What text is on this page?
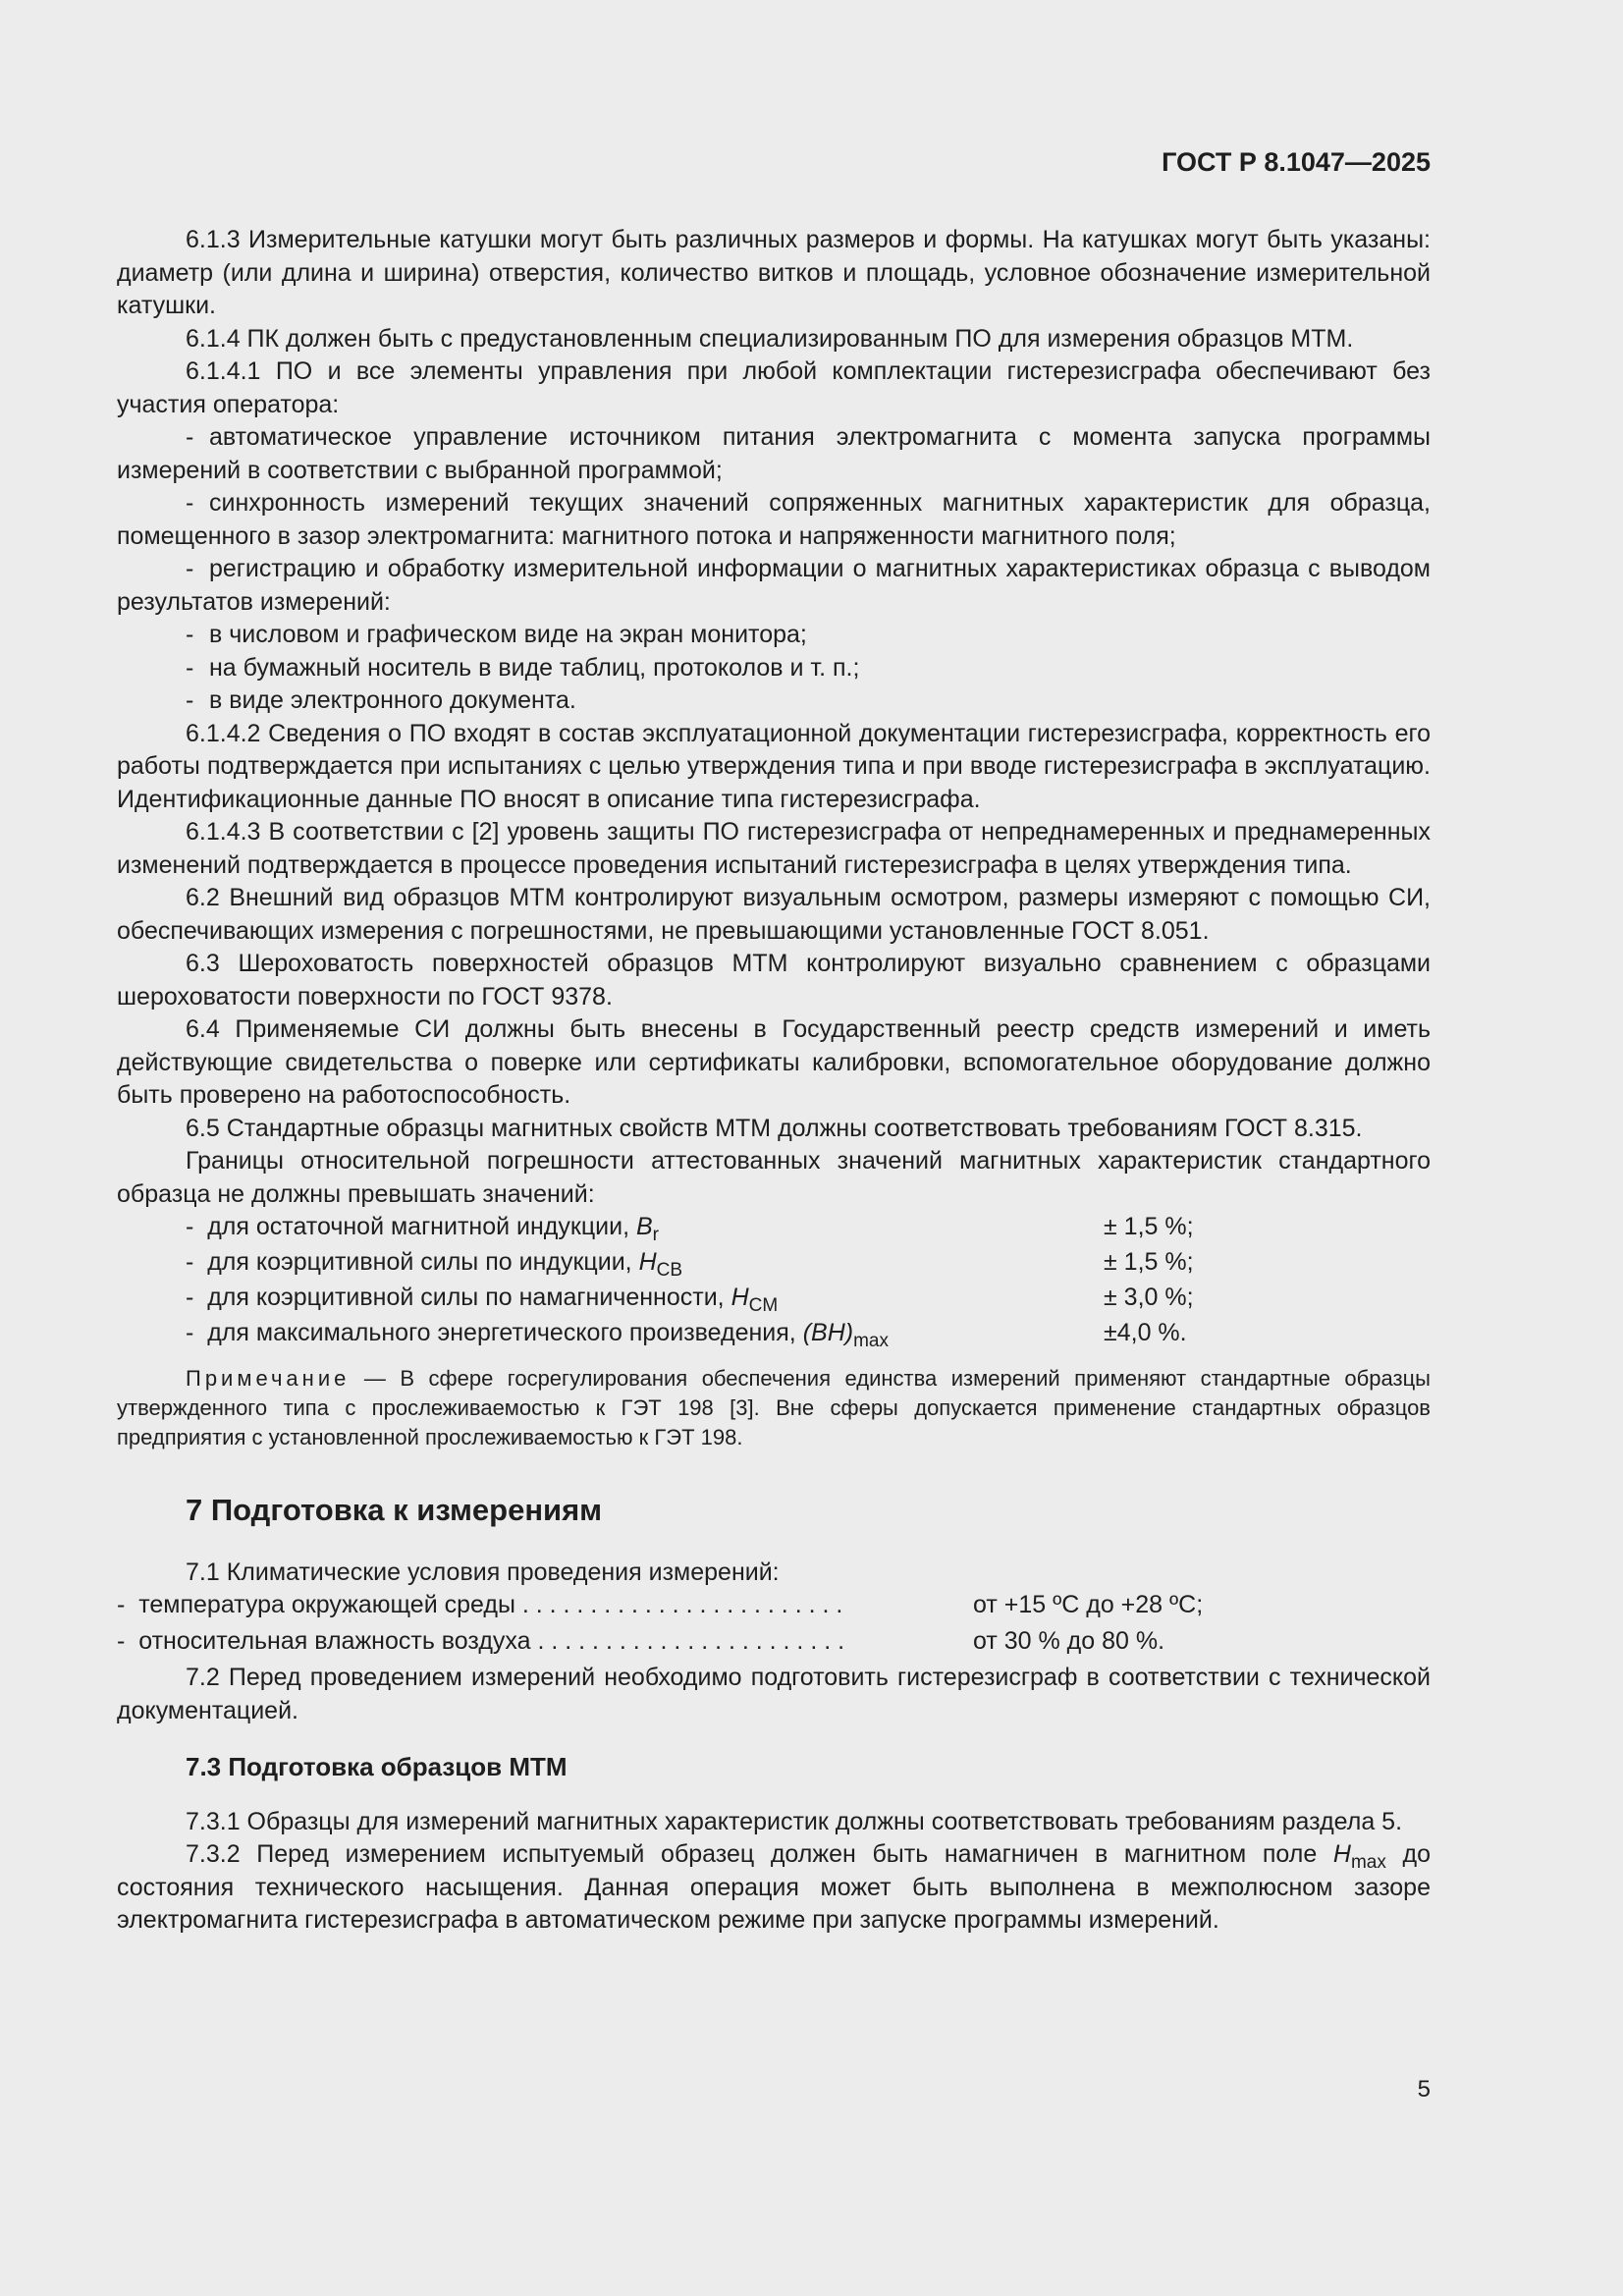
ГОСТ Р 8.1047—2025

6.1.3 Измерительные катушки могут быть различных размеров и формы. На катушках могут быть указаны: диаметр (или длина и ширина) отверстия, количество витков и площадь, условное обозначение измерительной катушки.

6.1.4 ПК должен быть с предустановленным специализированным ПО для измерения образцов МТМ.

6.1.4.1 ПО и все элементы управления при любой комплектации гистерезисграфа обеспечивают без участия оператора:

- автоматическое управление источником питания электромагнита с момента запуска программы измерений в соответствии с выбранной программой;

- синхронность измерений текущих значений сопряженных магнитных характеристик для образца, помещенного в зазор электромагнита: магнитного потока и напряженности магнитного поля;

- регистрацию и обработку измерительной информации о магнитных характеристиках образца с выводом результатов измерений:

- в числовом и графическом виде на экран монитора;

- на бумажный носитель в виде таблиц, протоколов и т. п.;

- в виде электронного документа.

6.1.4.2 Сведения о ПО входят в состав эксплуатационной документации гистерезисграфа, корректность его работы подтверждается при испытаниях с целью утверждения типа и при вводе гистерезисграфа в эксплуатацию. Идентификационные данные ПО вносят в описание типа гистерезисграфа.

6.1.4.3 В соответствии с [2] уровень защиты ПО гистерезисграфа от непреднамеренных и преднамеренных изменений подтверждается в процессе проведения испытаний гистерезисграфа в целях утверждения типа.

6.2 Внешний вид образцов МТМ контролируют визуальным осмотром, размеры измеряют с помощью СИ, обеспечивающих измерения с погрешностями, не превышающими установленные ГОСТ 8.051.

6.3 Шероховатость поверхностей образцов МТМ контролируют визуально сравнением с образцами шероховатости поверхности по ГОСТ 9378.

6.4 Применяемые СИ должны быть внесены в Государственный реестр средств измерений и иметь действующие свидетельства о поверке или сертификаты калибровки, вспомогательное оборудование должно быть проверено на работоспособность.

6.5 Стандартные образцы магнитных свойств МТМ должны соответствовать требованиям ГОСТ 8.315.

Границы относительной погрешности аттестованных значений магнитных характеристик стандартного образца не должны превышать значений:

-  для остаточной магнитной индукции, $B_r$	± 1,5 %;
-  для коэрцитивной силы по индукции, $H_{CB}$	± 1,5 %;
-  для коэрцитивной силы по намагниченности, $H_{CM}$	± 3,0 %;
-  для максимального энергетического произведения, $(BH)_{max}$	±4,0 %.

Примечание — В сфере госрегулирования обеспечения единства измерений применяют стандартные образцы утвержденного типа с прослеживаемостью к ГЭТ 198 [3]. Вне сферы допускается применение стандартных образцов предприятия с установленной прослеживаемостью к ГЭТ 198.

7 Подготовка к измерениям

7.1 Климатические условия проведения измерений:

-  температура окружающей среды . . . . . . . . . . . . . . . . . . . . . . . .	от +15 ºС до +28 ºС;
-  относительная влажность воздуха . . . . . . . . . . . . . . . . . . . . . . .	от 30 % до 80 %.

7.2 Перед проведением измерений необходимо подготовить гистерезисграф в соответствии с технической документацией.

7.3 Подготовка образцов МТМ

7.3.1 Образцы для измерений магнитных характеристик должны соответствовать требованиям раздела 5.

7.3.2 Перед измерением испытуемый образец должен быть намагничен в магнитном поле $H_{max}$ до состояния технического насыщения. Данная операция может быть выполнена в межполюсном зазоре электромагнита гистерезисграфа в автоматическом режиме при запуске программы измерений.

5
